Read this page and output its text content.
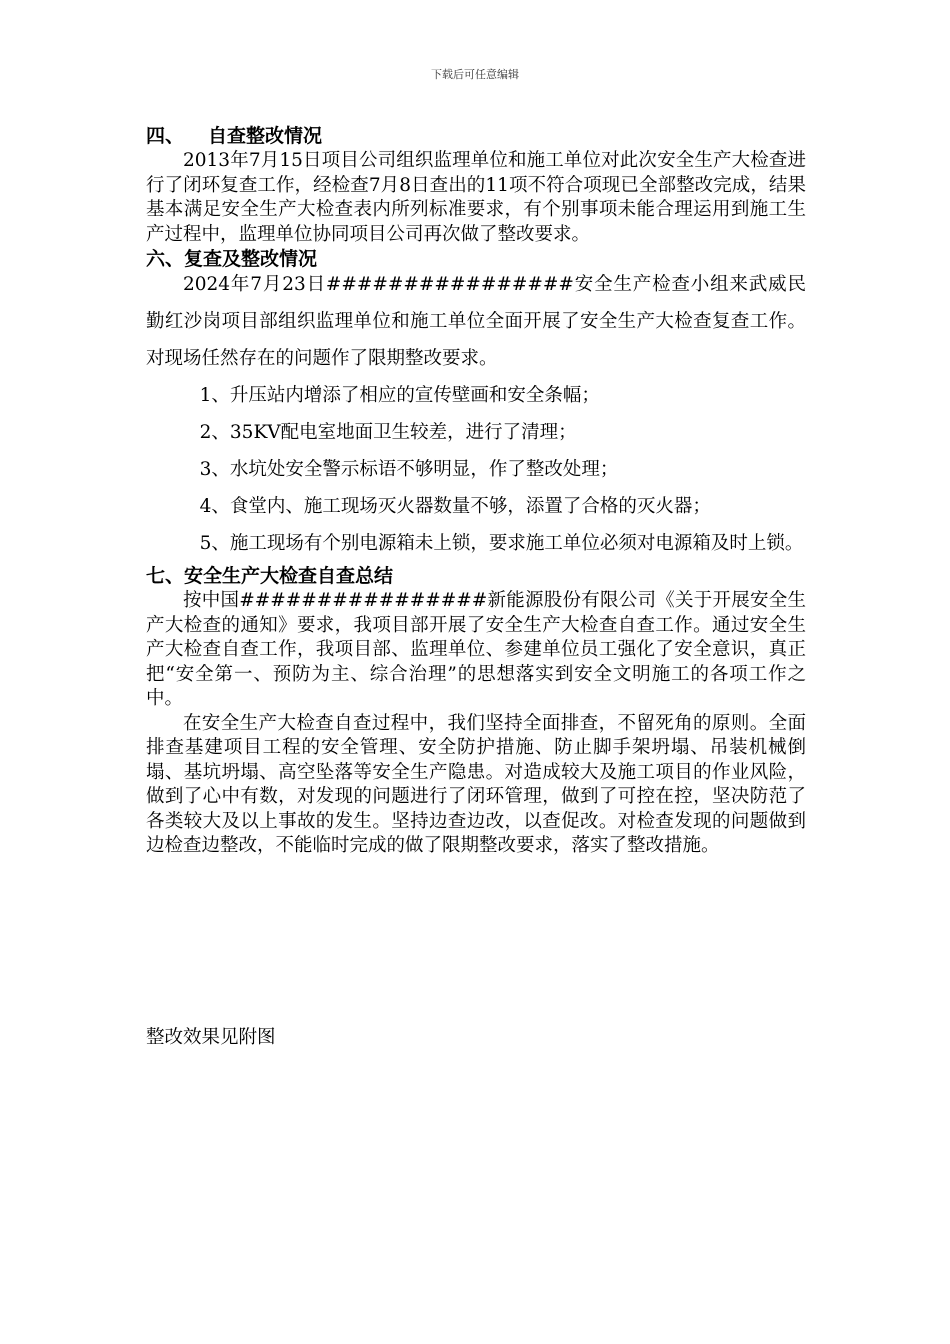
下载后可任意编辑
四、 自查整改情况

2013年7月15日项目公司组织监理单位和施工单位对此次安全生产大检查进行了闭环复查工作，经检查7月8日查出的11项不符合项现已全部整改完成，结果基本满足安全生产大检查表内所列标准要求，有个别事项未能合理运用到施工生产过程中，监理单位协同项目公司再次做了整改要求。

六、复查及整改情况

2024年7月23日################安全生产检查小组来武威民勤红沙岗项目部组织监理单位和施工单位全面开展了安全生产大检查复查工作。对现场任然存在的问题作了限期整改要求。

1、升压站内增添了相应的宣传壁画和安全条幅；

2、35KV配电室地面卫生较差，进行了清理；

3、水坑处安全警示标语不够明显，作了整改处理；

4、食堂内、施工现场灭火器数量不够，添置了合格的灭火器；

5、施工现场有个别电源箱未上锁，要求施工单位必须对电源箱及时上锁。

七、安全生产大检查自查总结

按中国################新能源股份有限公司《关于开展安全生产大检查的通知》要求，我项目部开展了安全生产大检查自查工作。通过安全生产大检查自查工作，我项目部、监理单位、参建单位员工强化了安全意识，真正把“安全第一、预防为主、综合治理”的思想落实到安全文明施工的各项工作之中。

在安全生产大检查自查过程中，我们坚持全面排查，不留死角的原则。全面排查基建项目工程的安全管理、安全防护措施、防止脚手架坍塌、吊装机械倒塌、基坑坍塌、高空坠落等安全生产隐患。对造成较大及施工项目的作业风险，做到了心中有数，对发现的问题进行了闭环管理，做到了可控在控，坚决防范了各类较大及以上事故的发生。坚持边查边改，以查促改。对检查发现的问题做到边检查边整改，不能临时完成的做了限期整改要求，落实了整改措施。

整改效果见附图
